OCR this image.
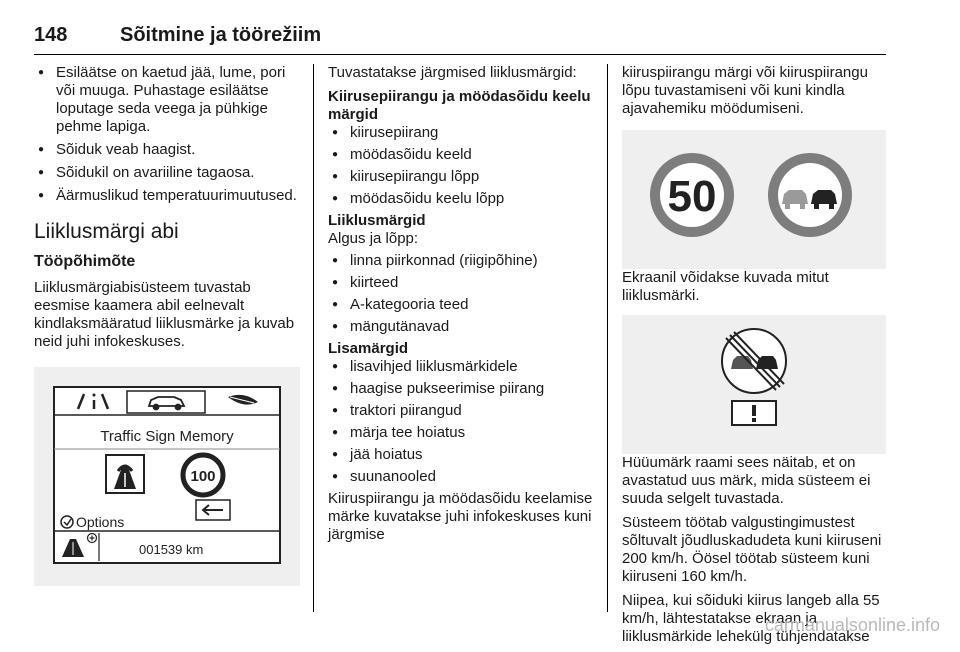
148	Sõitmine ja töörežiim
● Esiläätse on kaetud jää, lume, pori või muuga. Puhastage esiläätse loputage seda veega ja pühkige pehme lapiga.
● Sõiduk veab haagist.
● Sõidukil on avariiline tagaosa.
● Äärmuslikud temperatuurimuutused.
Liiklusmärgi abi
Tööpõhimõte

Liiklusmärgiabisüsteem tuvastab eesmise kaamera abil eelnevalt kindlaksmääratud liiklusmärke ja kuvab neid juhi infokeskuses.

Traffic Sign Memory
100
Options
001539 km

Tuvastatakse järgmised liiklusmärgid:

Kiirusepiirangu ja möödasõidu keelu märgid
● kiirusepiirang
● möödasõidu keeld
● kiirusepiirangu lõpp
● möödasõidu keelu lõpp
Liiklusmärgid

Algus ja lõpp:

● linna piirkonnad (riigipõhine)
● kiirteed
● A-kategooria teed
● mängutänavad
Lisamärgid
● lisavihjed liiklusmärkidele
● haagise pukseerimise piirang
● traktori piirangud
● märja tee hoiatus
● jää hoiatus
● suunanooled

Kiiruspiirangu ja möödasõidu keelamise märke kuvatakse juhi infokeskuses kuni järgmise

kiiruspiirangu märgi või kiiruspiirangu lõpu tuvastamiseni või kuni kindla ajavahemiku möödumiseni.

50

Ekraanil võidakse kuvada mitut liiklusmärki.

Hüüumärk raami sees näitab, et on avastatud uus märk, mida süsteem ei suuda selgelt tuvastada.

Süsteem töötab valgustingimustest sõltuvalt jõudluskadudeta kuni kiiruseni 200 km/h. Öösel töötab süsteem kuni kiiruseni 160 km/h.

Niipea, kui sõiduki kiirus langeb alla 55 km/h, lähtestatakse ekraan ja liiklusmärkide lehekülg tühjendatakse

carmanualsonline.info
